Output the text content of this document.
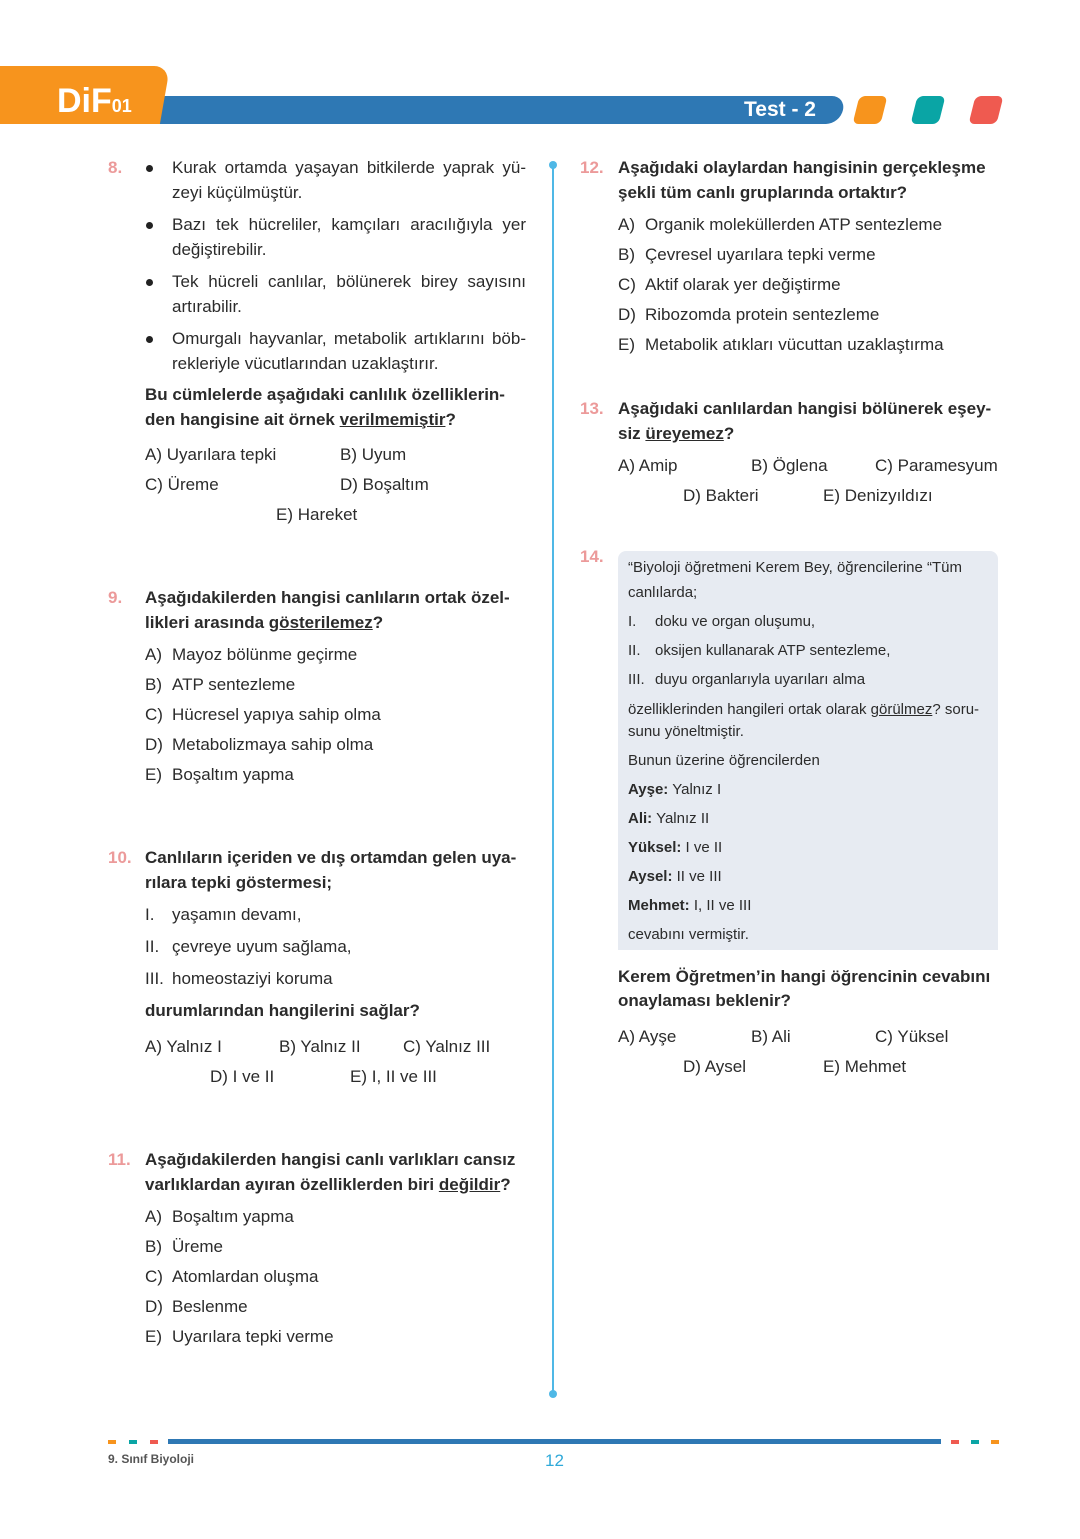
DiF01	Test - 2
8.	Kurak ortamda yaşayan bitkilerde yaprak yü-
zeyi küçülmüştür.
Bazı tek hücreliler, kamçıları aracılığıyla yer
değiştirebilir.
Tek hücreli canlılar, bölünerek birey sayısını
artırabilir.
Omurgalı hayvanlar, metabolik artıklarını böb-
rekleriyle vücutlarından uzaklaştırır.
Bu cümlelerde aşağıdaki canlılık özelliklerin-
den hangisine ait örnek verilmemiştir?
A) Uyarılara tepki	B) Uyum
C) Üreme	D) Boşaltım
E) Hareket
9. Aşağıdakilerden hangisi canlıların ortak özel-
likleri arasında gösterilemez?
A) Mayoz bölünme geçirme
B) ATP sentezleme
C) Hücresel yapıya sahip olma
D) Metabolizmaya sahip olma
E) Boşaltım yapma
10. Canlıların içeriden ve dış ortamdan gelen uya-
rılara tepki göstermesi;
I. yaşamın devamı,
II. çevreye uyum sağlama,
III. homeostaziyi koruma
durumlarından hangilerini sağlar?
A) Yalnız I	B) Yalnız II C) Yalnız III
D) I ve II	E) I, II ve III
11. Aşağıdakilerden hangisi canlı varlıkları cansız
varlıklardan ayıran özelliklerden biri değildir?
A) Boşaltım yapma
B) Üreme
C) Atomlardan oluşma
D) Beslenme
E) Uyarılara tepki verme
12. Aşağıdaki olaylardan hangisinin gerçekleşme
şekli tüm canlı gruplarında ortaktır?
A) Organik moleküllerden ATP sentezleme
B) Çevresel uyarılara tepki verme
C) Aktif olarak yer değiştirme
D) Ribozomda protein sentezleme
E) Metabolik atıkları vücuttan uzaklaştırma
13. Aşağıdaki canlılardan hangisi bölünerek eşey-
siz üreyemez?
A) Amip	B) Öglena	C) Paramesyum
D) Bakteri	E) Denizyıldızı
14.
“Biyoloji öğretmeni Kerem Bey, öğrencilerine “Tüm
canlılarda;
I. doku ve organ oluşumu,
II. oksijen kullanarak ATP sentezleme,
III. duyu organlarıyla uyarıları alma
özelliklerinden hangileri ortak olarak görülmez? soru-
sunu yöneltmiştir.
Bunun üzerine öğrencilerden
Ayşe: Yalnız I
Ali: Yalnız II
Yüksel: I ve II
Aysel: II ve III
Mehmet: I, II ve III
cevabını vermiştir.
Kerem Öğretmen’in hangi öğrencinin cevabını
onaylaması beklenir?
A) Ayşe	B) Ali	C) Yüksel
D) Aysel	E) Mehmet
9. Sınıf Biyoloji	12
